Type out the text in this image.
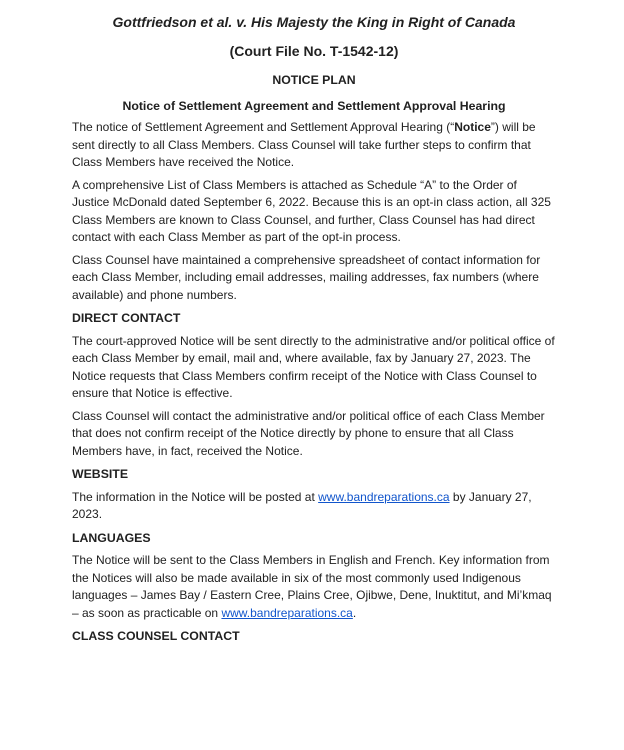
Gottfriedson et al. v. His Majesty the King in Right of Canada
(Court File No. T-1542-12)
NOTICE PLAN
Notice of Settlement Agreement and Settlement Approval Hearing

The notice of Settlement Agreement and Settlement Approval Hearing (“Notice”) will be sent directly to all Class Members. Class Counsel will take further steps to confirm that Class Members have received the Notice.

A comprehensive List of Class Members is attached as Schedule “A” to the Order of Justice McDonald dated September 6, 2022. Because this is an opt-in class action, all 325 Class Members are known to Class Counsel, and further, Class Counsel has had direct contact with each Class Member as part of the opt-in process.

Class Counsel have maintained a comprehensive spreadsheet of contact information for each Class Member, including email addresses, mailing addresses, fax numbers (where available) and phone numbers.

DIRECT CONTACT

The court-approved Notice will be sent directly to the administrative and/or political office of each Class Member by email, mail and, where available, fax by January 27, 2023. The Notice requests that Class Members confirm receipt of the Notice with Class Counsel to ensure that Notice is effective.

Class Counsel will contact the administrative and/or political office of each Class Member that does not confirm receipt of the Notice directly by phone to ensure that all Class Members have, in fact, received the Notice.

WEBSITE

The information in the Notice will be posted at www.bandreparations.ca by January 27, 2023.

LANGUAGES

The Notice will be sent to the Class Members in English and French. Key information from the Notices will also be made available in six of the most commonly used Indigenous languages – James Bay / Eastern Cree, Plains Cree, Ojibwe, Dene, Inuktitut, and Mi’kmaq – as soon as practicable on www.bandreparations.ca.

CLASS COUNSEL CONTACT
